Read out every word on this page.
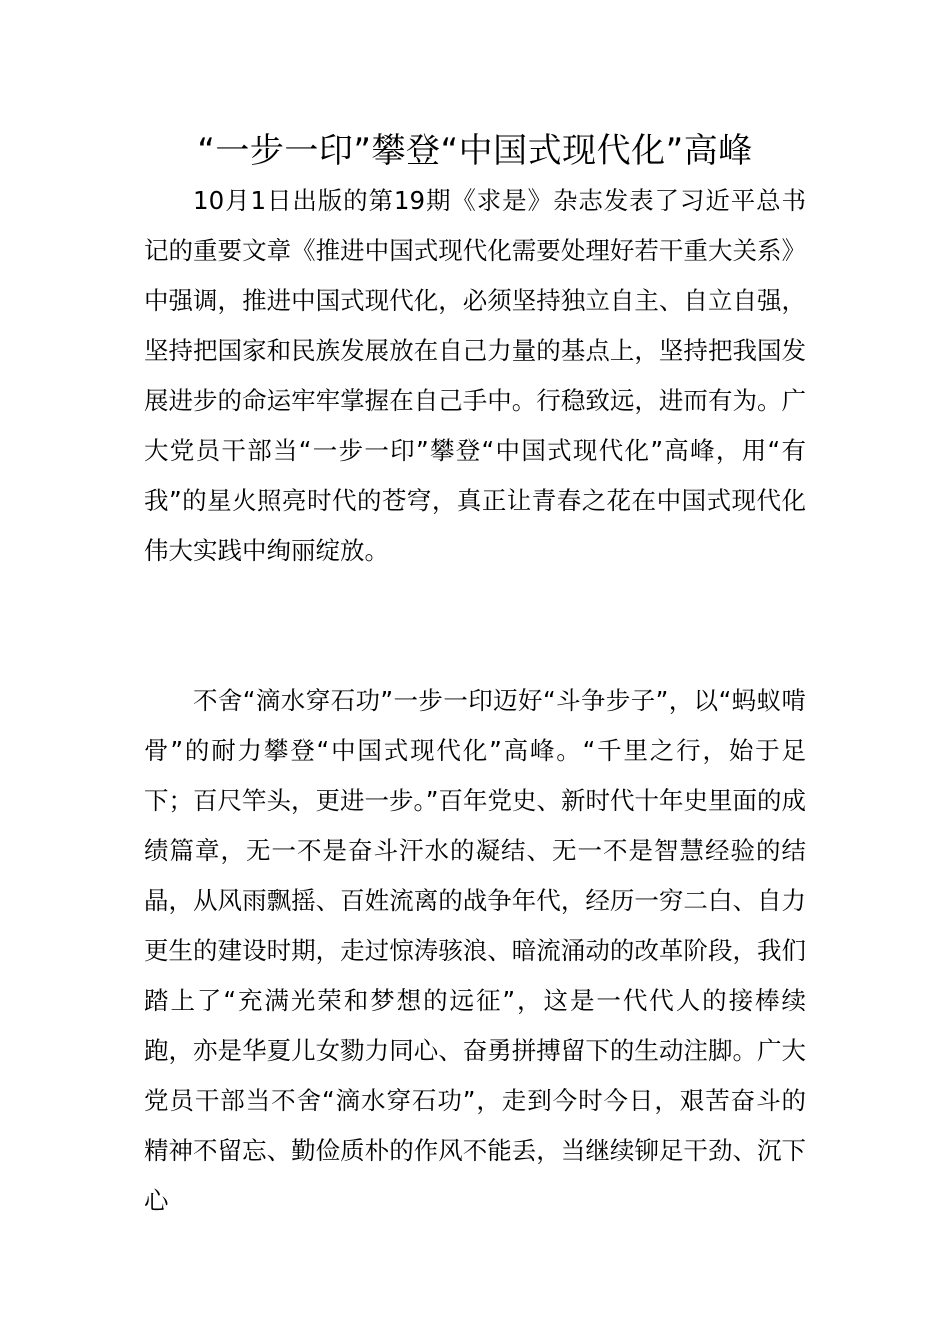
“一步一印”攀登“中国式现代化”高峰

10月1日出版的第19期《求是》杂志发表了习近平总书记的重要文章《推进中国式现代化需要处理好若干重大关系》中强调，推进中国式现代化，必须坚持独立自主、自立自强，坚持把国家和民族发展放在自己力量的基点上，坚持把我国发展进步的命运牢牢掌握在自己手中。行稳致远，进而有为。广大党员干部当“一步一印”攀登“中国式现代化”高峰，用“有我”的星火照亮时代的苍穹，真正让青春之花在中国式现代化伟大实践中绚丽绽放。

不舍“滴水穿石功”一步一印迈好“斗争步子”，以“蚂蚁啃骨”的耐力攀登“中国式现代化”高峰。“千里之行，始于足下；百尺竿头，更进一步。”百年党史、新时代十年史里面的成绩篇章，无一不是奋斗汗水的凝结、无一不是智慧经验的结晶，从风雨飘摇、百姓流离的战争年代，经历一穷二白、自力更生的建设时期，走过惊涛骇浪、暗流涌动的改革阶段，我们踏上了“充满光荣和梦想的远征”，这是一代代人的接棒续跑，亦是华夏儿女勠力同心、奋勇拼搏留下的生动注脚。广大党员干部当不舍“滴水穿石功”，走到今时今日，艰苦奋斗的精神不留忘、勤俭质朴的作风不能丢，当继续铆足干劲、沉下心
